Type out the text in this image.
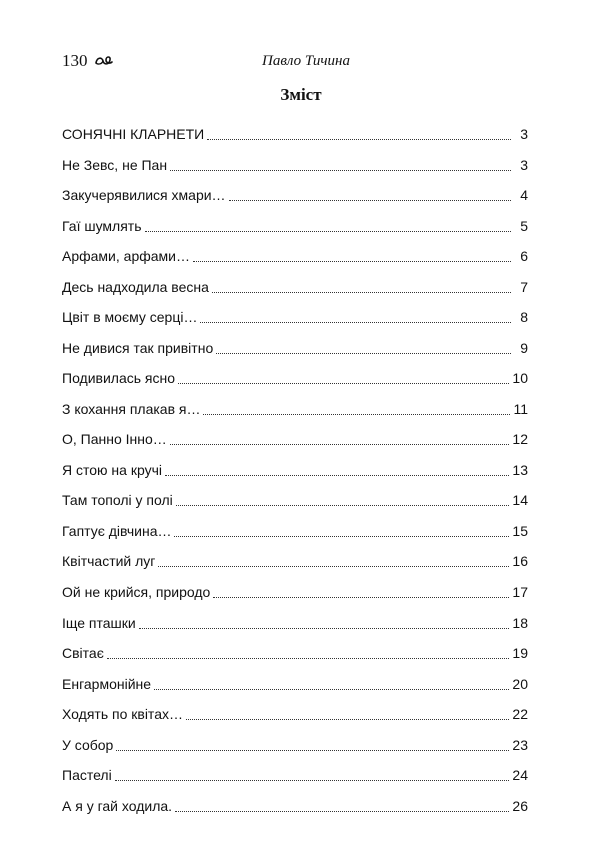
130	Павло Тичина
Зміст
СОНЯЧНІ КЛАРНЕТИ	3
Не Зевс, не Пан	3
Закучерявилися хмари…	4
Гаї шумлять	5
Арфами, арфами…	6
Десь надходила весна	7
Цвіт в моєму серці…	8
Не дивися так привітно	9
Подивилась ясно	10
З кохання плакав я…	11
О, Панно Інно…	12
Я стою на кручі	13
Там тополі у полі	14
Гаптує дівчина…	15
Квітчастий луг	16
Ой не крийся, природо	17
Іще пташки	18
Світає	19
Енгармонійне	20
Ходять по квітах…	22
У собор	23
Пастелі	24
А я у гай ходила.	26
